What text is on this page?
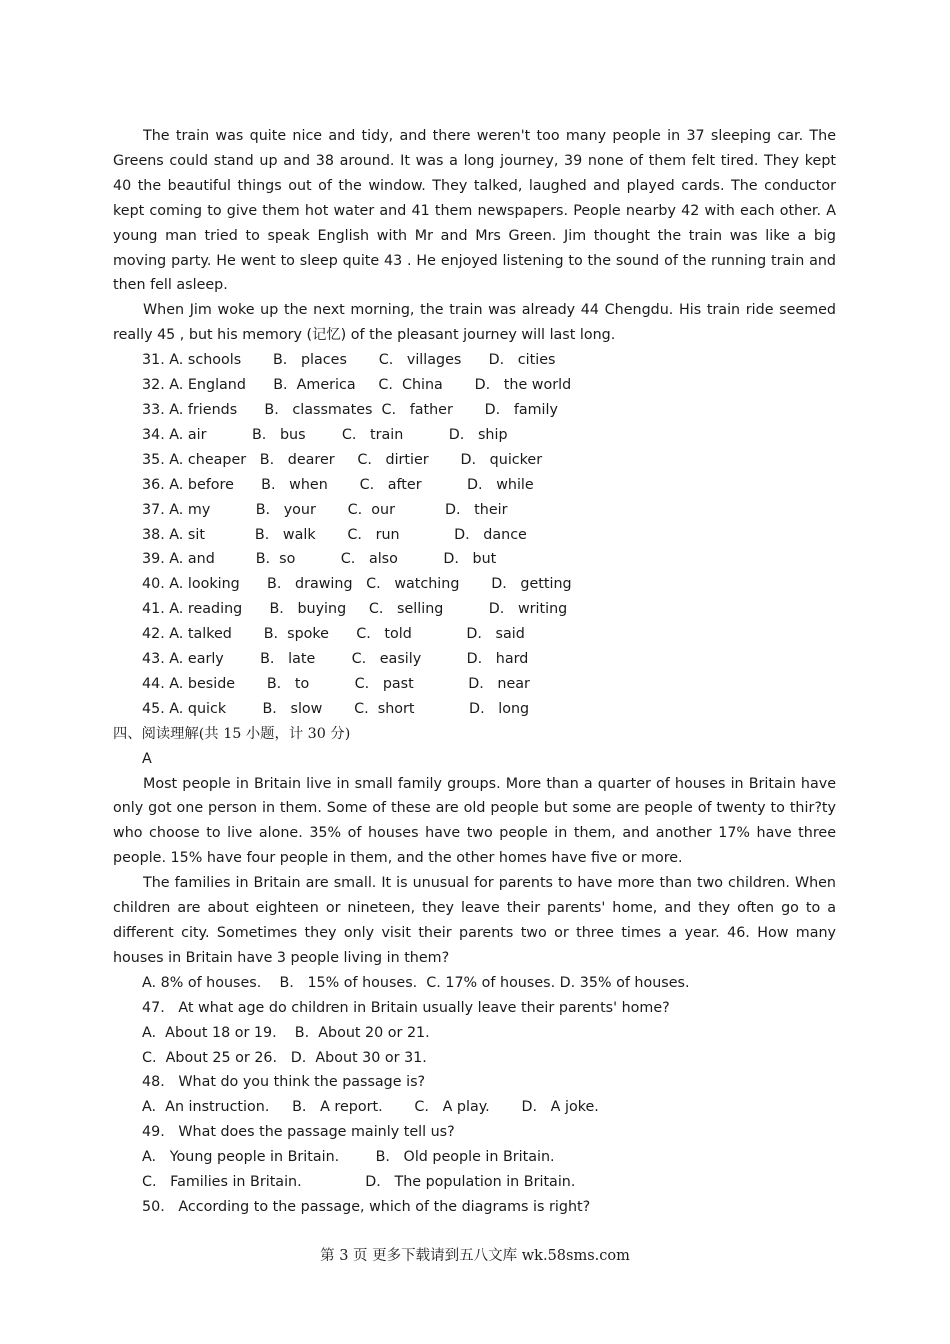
The train was quite nice and tidy, and there weren't too many people in 37 sleeping car. The Greens could stand up and 38 around. It was a long journey, 39 none of them felt tired. They kept 40 the beautiful things out of the window. They talked, laughed and played cards. The conductor kept coming to give them hot water and 41 them newspapers. People nearby 42 with each other. A young man tried to speak English with Mr and Mrs Green. Jim thought the train was like a big moving party. He went to sleep quite 43 . He enjoyed listening to the sound of the running train and then fell asleep.

When Jim woke up the next morning, the train was already 44 Chengdu. His train ride seemed really 45 , but his memory (记忆) of the pleasant journey will last long.

31. A. schools       B.   places       C.   villages      D.   cities

32. A. England      B.  America     C.  China       D.   the world

33. A. friends      B.   classmates  C.   father       D.   family

34. A. air          B.   bus        C.   train          D.   ship

35. A. cheaper   B.   dearer     C.   dirtier       D.   quicker

36. A. before      B.   when       C.   after          D.   while

37. A. my          B.   your       C.  our           D.   their

38. A. sit           B.   walk       C.   run            D.   dance

39. A. and         B.  so          C.   also          D.   but

40. A. looking      B.   drawing   C.   watching       D.   getting

41. A. reading      B.   buying     C.   selling          D.   writing

42. A. talked       B.  spoke      C.   told            D.   said

43. A. early        B.   late        C.   easily          D.   hard

44. A. beside       B.   to          C.   past            D.   near

45. A. quick        B.   slow       C.  short            D.   long

四、阅读理解(共 15 小题，计 30 分)

A

Most people in Britain live in small family groups. More than a quarter of houses in Britain have only got one person in them. Some of these are old people but some are people of twenty to thir?ty who choose to live alone. 35% of houses have two people in them, and another 17% have three people. 15% have four people in them, and the other homes have five or more.

The families in Britain are small. It is unusual for parents to have more than two children. When children are about eighteen or nineteen, they leave their parents' home, and they often go to a different city. Sometimes they only visit their parents two or three times a year. 46. How many houses in Britain have 3 people living in them?

A. 8% of houses.    B.   15% of houses.  C. 17% of houses. D. 35% of houses.

47.   At what age do children in Britain usually leave their parents' home?

A.  About 18 or 19.    B.  About 20 or 21.

C.  About 25 or 26.   D.  About 30 or 31.

48.   What do you think the passage is?

A.  An instruction.     B.   A report.       C.   A play.       D.   A joke.

49.   What does the passage mainly tell us?

A.   Young people in Britain.        B.   Old people in Britain.

C.   Families in Britain.              D.   The population in Britain.

50.   According to the passage, which of the diagrams is right?

第 3 页 更多下载请到五八文库 wk.58sms.com
